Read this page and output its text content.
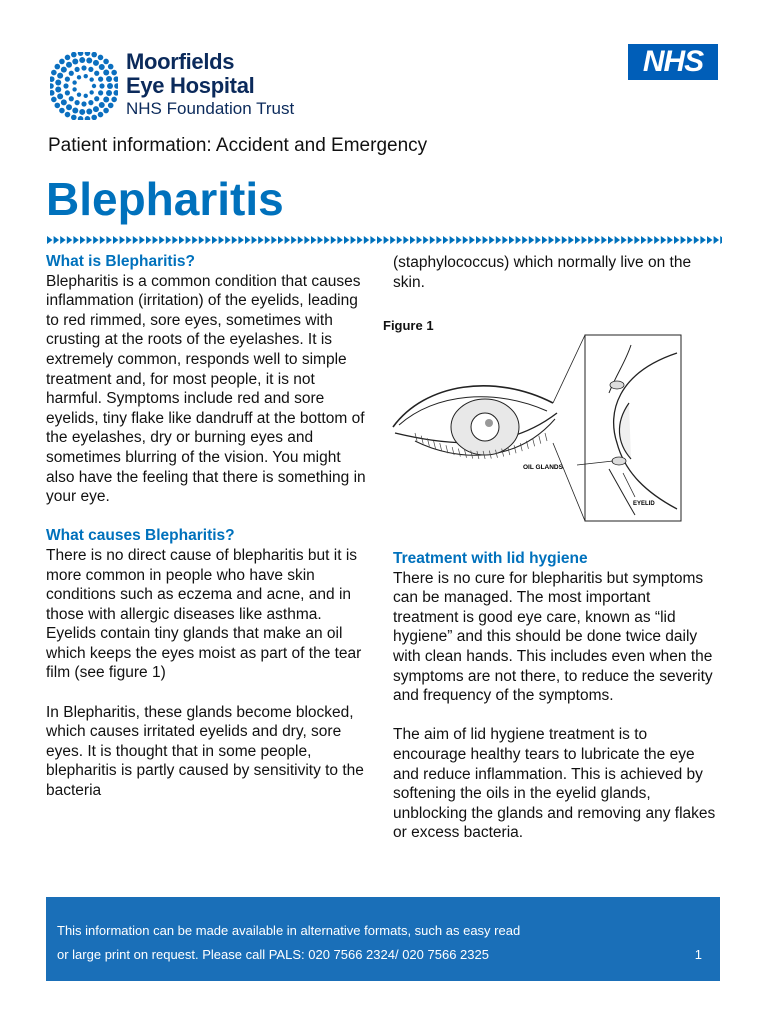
Moorfields
Eye Hospital
NHS Foundation Trust
NHS
Patient information: Accident and Emergency
Blepharitis
What is Blepharitis?

Blepharitis is a common condition that causes inflammation (irritation) of the eyelids, leading to red rimmed, sore eyes, sometimes with crusting at the roots of the eyelashes. It is extremely common, responds well to simple treatment and, for most people, it is not harmful. Symptoms include red and sore eyelids, tiny flake like dandruff at the bottom of the eyelashes, dry or burning eyes and sometimes blurring of the vision. You might also have the feeling that there is something in your eye.

What causes Blepharitis?

There is no direct cause of blepharitis but it is more common in people who have skin conditions such as eczema and acne, and in those with allergic diseases like asthma. Eyelids contain tiny glands that make an oil which keeps the eyes moist as part of the tear film (see figure 1)

In Blepharitis, these glands become blocked, which causes irritated eyelids and dry, sore eyes. It is thought that in some people, blepharitis is partly caused by sensitivity to the bacteria

(staphylococcus) which normally live on the skin.

Figure 1
OIL GLANDS
EYELID
Treatment with lid hygiene

There is no cure for blepharitis but symptoms can be managed. The most important treatment is good eye care, known as “lid hygiene” and this should be done twice daily with clean hands. This includes even when the symptoms are not there, to reduce the severity and frequency of the symptoms.

The aim of lid hygiene treatment is to encourage healthy tears to lubricate the eye and reduce inflammation. This is achieved by softening the oils in the eyelid glands, unblocking the glands and removing any flakes or excess bacteria.

This information can be made available in alternative formats, such as easy read
or large print on request. Please call PALS: 020 7566 2324/ 020 7566 2325	1
